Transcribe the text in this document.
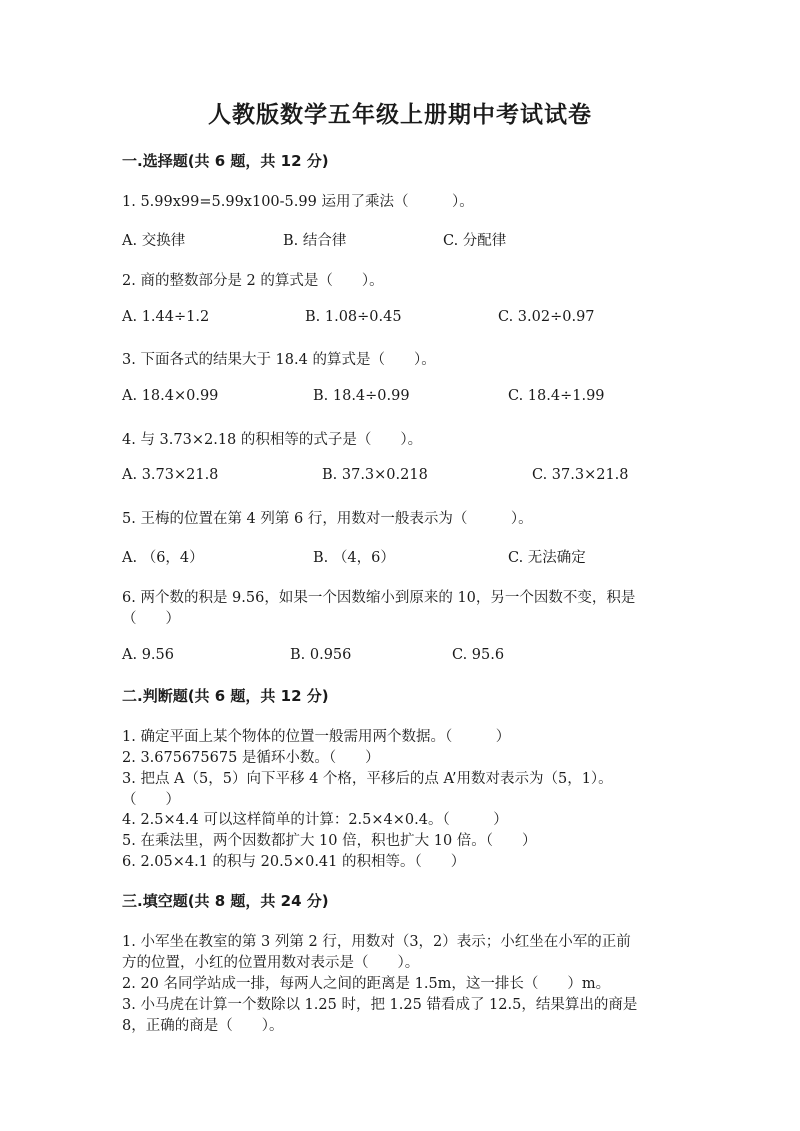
人教版数学五年级上册期中考试试卷
一.选择题(共 6 题，共 12 分)
1. 5.99x99=5.99x100-5.99 运用了乘法（　　　）。
A. 交换律	B. 结合律	C. 分配律
2. 商的整数部分是 2 的算式是（　　）。
A. 1.44÷1.2	B. 1.08÷0.45	C. 3.02÷0.97
3. 下面各式的结果大于 18.4 的算式是（　　）。
A. 18.4×0.99	B. 18.4÷0.99	C. 18.4÷1.99
4. 与 3.73×2.18 的积相等的式子是（　　）。
A. 3.73×21.8	B. 37.3×0.218	C. 37.3×21.8
5. 王梅的位置在第 4 列第 6 行，用数对一般表示为（　　　）。
A. （6，4）	B. （4，6）	C. 无法确定
6. 两个数的积是 9.56，如果一个因数缩小到原来的 10，另一个因数不变，积是
（　　）
A. 9.56	B. 0.956	C. 95.6
二.判断题(共 6 题，共 12 分)
1. 确定平面上某个物体的位置一般需用两个数据。（　　　）
2. 3.675675675 是循环小数。（　　）
3. 把点 A（5，5）向下平移 4 个格，平移后的点 A’用数对表示为（5，1）。
（　　）
4. 2.5×4.4 可以这样简单的计算：2.5×4×0.4。（　　　）
5. 在乘法里，两个因数都扩大 10 倍，积也扩大 10 倍。（　　）
6. 2.05×4.1 的积与 20.5×0.41 的积相等。（　　）
三.填空题(共 8 题，共 24 分)
1. 小军坐在教室的第 3 列第 2 行，用数对（3，2）表示；小红坐在小军的正前
方的位置，小红的位置用数对表示是（　　）。
2. 20 名同学站成一排，每两人之间的距离是 1.5m，这一排长（　　）m。
3. 小马虎在计算一个数除以 1.25 时，把 1.25 错看成了 12.5，结果算出的商是
8，正确的商是（　　）。
